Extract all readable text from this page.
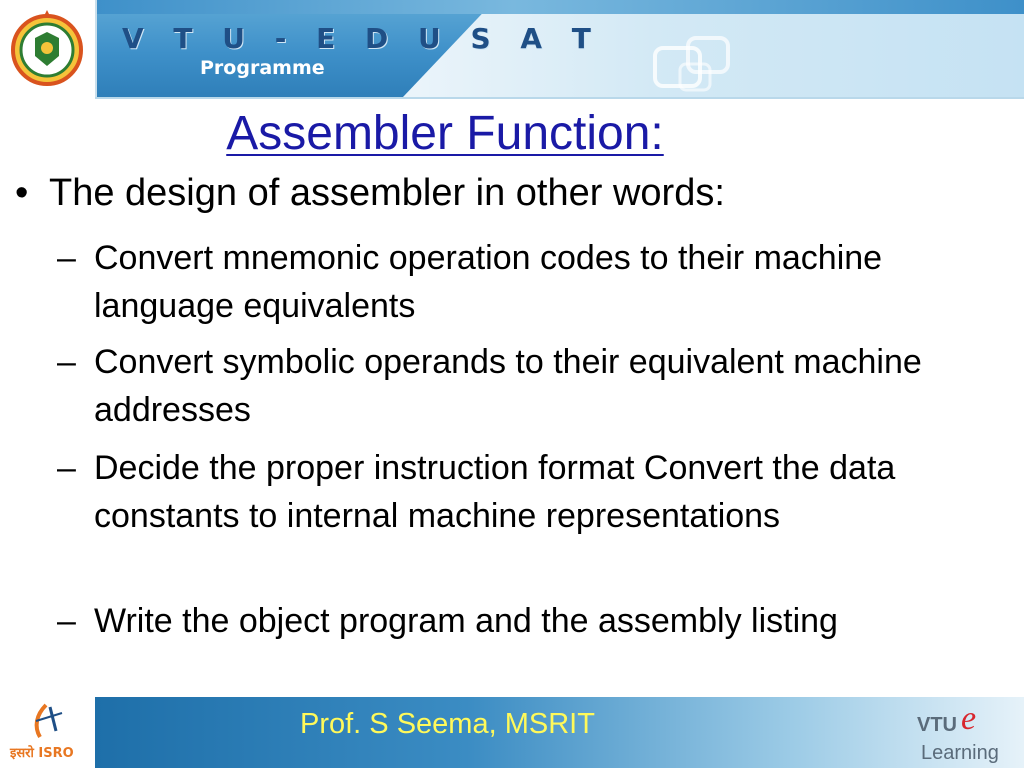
V T U - E D U S A T
Programme
Assembler Function:
• The design of assembler in other words:
– Convert mnemonic operation codes to their machine language equivalents
– Convert symbolic operands to their equivalent machine addresses
– Decide the proper instruction format Convert the data constants to internal machine representations
– Write the object program and the assembly listing
इसरो ISRO
Prof. S Seema, MSRIT	VTU e
Learning
